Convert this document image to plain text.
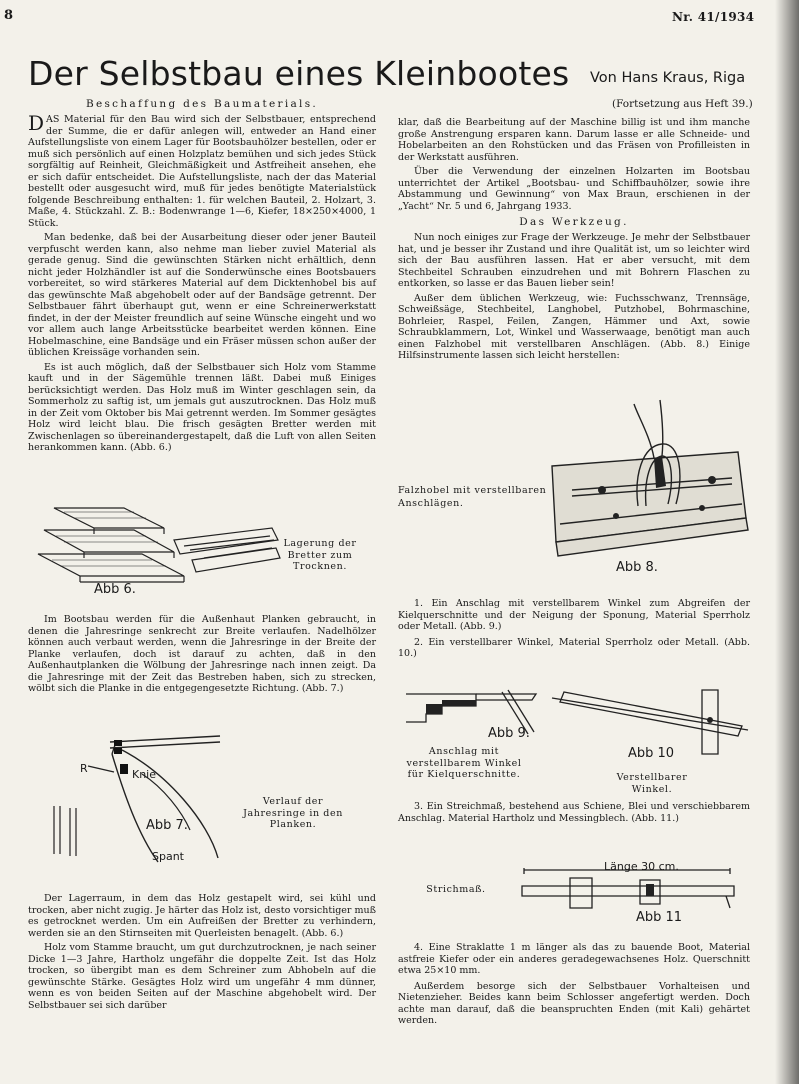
8	Nr. 41/1934
Der Selbstbau eines Kleinbootes Von Hans Kraus, Riga
(Fortsetzung aus Heft 39.)
Beschaffung des Baumaterials.

DAS Material für den Bau wird sich der Selbstbauer, entsprechend der Summe, die er dafür anlegen will, entweder an Hand einer Aufstellungsliste von einem Lager für Bootsbauhölzer bestellen, oder er muß sich persönlich auf einen Holzplatz bemühen und sich jedes Stück sorgfältig auf Reinheit, Gleichmäßigkeit und Astfreiheit ansehen, ehe er sich dafür entscheidet. Die Aufstellungsliste, nach der das Material bestellt oder ausgesucht wird, muß für jedes benötigte Materialstück folgende Beschreibung enthalten: 1. für welchen Bauteil, 2. Holzart, 3. Maße, 4. Stückzahl. Z. B.: Bodenwrange 1—6, Kiefer, 18×250×4000, 1 Stück.

Man bedenke, daß bei der Ausarbeitung dieser oder jener Bauteil verpfuscht werden kann, also nehme man lieber zuviel Material als gerade genug. Sind die gewünschten Stärken nicht erhältlich, denn nicht jeder Holzhändler ist auf die Sonderwünsche eines Bootsbauers vorbereitet, so wird stärkeres Material auf dem Dicktenhobel bis auf das gewünschte Maß abgehobelt oder auf der Bandsäge getrennt. Der Selbstbauer fährt überhaupt gut, wenn er eine Schreinerwerkstatt findet, in der der Meister freundlich auf seine Wünsche eingeht und wo vor allem auch lange Arbeitsstücke bearbeitet werden können. Eine Hobelmaschine, eine Bandsäge und ein Fräser müssen schon außer der üblichen Kreissäge vorhanden sein.

Es ist auch möglich, daß der Selbstbauer sich Holz vom Stamme kauft und in der Sägemühle trennen läßt. Dabei muß Einiges berücksichtigt werden. Das Holz muß im Winter geschlagen sein, da Sommerholz zu saftig ist, um jemals gut auszutrocknen. Das Holz muß in der Zeit vom Oktober bis Mai getrennt werden. Im Sommer gesägtes Holz wird leicht blau. Die frisch gesägten Bretter werden mit Zwischenlagen so übereinandergestapelt, daß die Luft von allen Seiten herankommen kann. (Abb. 6.)

Abb 6.
Lagerung der Bretter zum Trocknen.

Im Bootsbau werden für die Außenhaut Planken gebraucht, in denen die Jahresringe senkrecht zur Breite verlaufen. Nadelhölzer können auch verbaut werden, wenn die Jahresringe in der Breite der Planke verlaufen, doch ist darauf zu achten, daß in den Außenhautplanken die Wölbung der Jahresringe nach innen zeigt. Da die Jahresringe mit der Zeit das Bestreben haben, sich zu strecken, wölbt sich die Planke in die entgegengesetzte Richtung. (Abb. 7.)

R	Knie
Abb 7.
Spant
Verlauf der Jahresringe in den Planken.

Der Lagerraum, in dem das Holz gestapelt wird, sei kühl und trocken, aber nicht zugig. Je härter das Holz ist, desto vorsichtiger muß es getrocknet werden. Um ein Aufreißen der Bretter zu verhindern, werden sie an den Stirnseiten mit Querleisten benagelt. (Abb. 6.)

Holz vom Stamme braucht, um gut durchzutrocknen, je nach seiner Dicke 1—3 Jahre, Hartholz ungefähr die doppelte Zeit. Ist das Holz trocken, so übergibt man es dem Schreiner zum Abhobeln auf die gewünschte Stärke. Gesägtes Holz wird um ungefähr 4 mm dünner, wenn es von beiden Seiten auf der Maschine abgehobelt wird. Der Selbstbauer sei sich darüber

klar, daß die Bearbeitung auf der Maschine billig ist und ihm manche große Anstrengung ersparen kann. Darum lasse er alle Schneide- und Hobelarbeiten an den Rohstücken und das Fräsen von Profilleisten in der Werkstatt ausführen.

Über die Verwendung der einzelnen Holzarten im Bootsbau unterrichtet der Artikel „Bootsbau- und Schiffbauhölzer, sowie ihre Abstammung und Gewinnung“ von Max Braun, erschienen in der „Yacht“ Nr. 5 und 6, Jahrgang 1933.

Das Werkzeug.

Nun noch einiges zur Frage der Werkzeuge. Je mehr der Selbstbauer hat, und je besser ihr Zustand und ihre Qualität ist, um so leichter wird sich der Bau ausführen lassen. Hat er aber versucht, mit dem Stechbeitel Schrauben einzudrehen und mit Bohrern Flaschen zu entkorken, so lasse er das Bauen lieber sein!

Außer dem üblichen Werkzeug, wie: Fuchsschwanz, Trennsäge, Schweißsäge, Stechbeitel, Langhobel, Putzhobel, Bohrmaschine, Bohrleier, Raspel, Feilen, Zangen, Hämmer und Axt, sowie Schraubklammern, Lot, Winkel und Wasserwaage, benötigt man auch einen Falzhobel mit verstellbaren Anschlägen. (Abb. 8.) Einige Hilfsinstrumente lassen sich leicht herstellen:

Abb 8.
Falzhobel mit verstellbaren Anschlägen.

1. Ein Anschlag mit verstellbarem Winkel zum Abgreifen der Kielquerschnitte und der Neigung der Sponung, Material Sperrholz oder Metall. (Abb. 9.)

2. Ein verstellbarer Winkel, Material Sperrholz oder Metall. (Abb. 10.)

Abb 9.
Anschlag mit verstellbarem Winkel für Kielquerschnitte.
Abb 10
Verstellbarer Winkel.

3. Ein Streichmaß, bestehend aus Schiene, Blei und verschiebbarem Anschlag. Material Hartholz und Messingblech. (Abb. 11.)

Länge 30 cm.
Abb 11
Strichmaß.

4. Eine Straklatte 1 m länger als das zu bauende Boot, Material astfreie Kiefer oder ein anderes geradegewachsenes Holz. Querschnitt etwa 25×10 mm.

Außerdem besorge sich der Selbstbauer Vorhalteisen und Nietenzieher. Beides kann beim Schlosser angefertigt werden. Doch achte man darauf, daß die beanspruchten Enden (mit Kali) gehärtet werden.
